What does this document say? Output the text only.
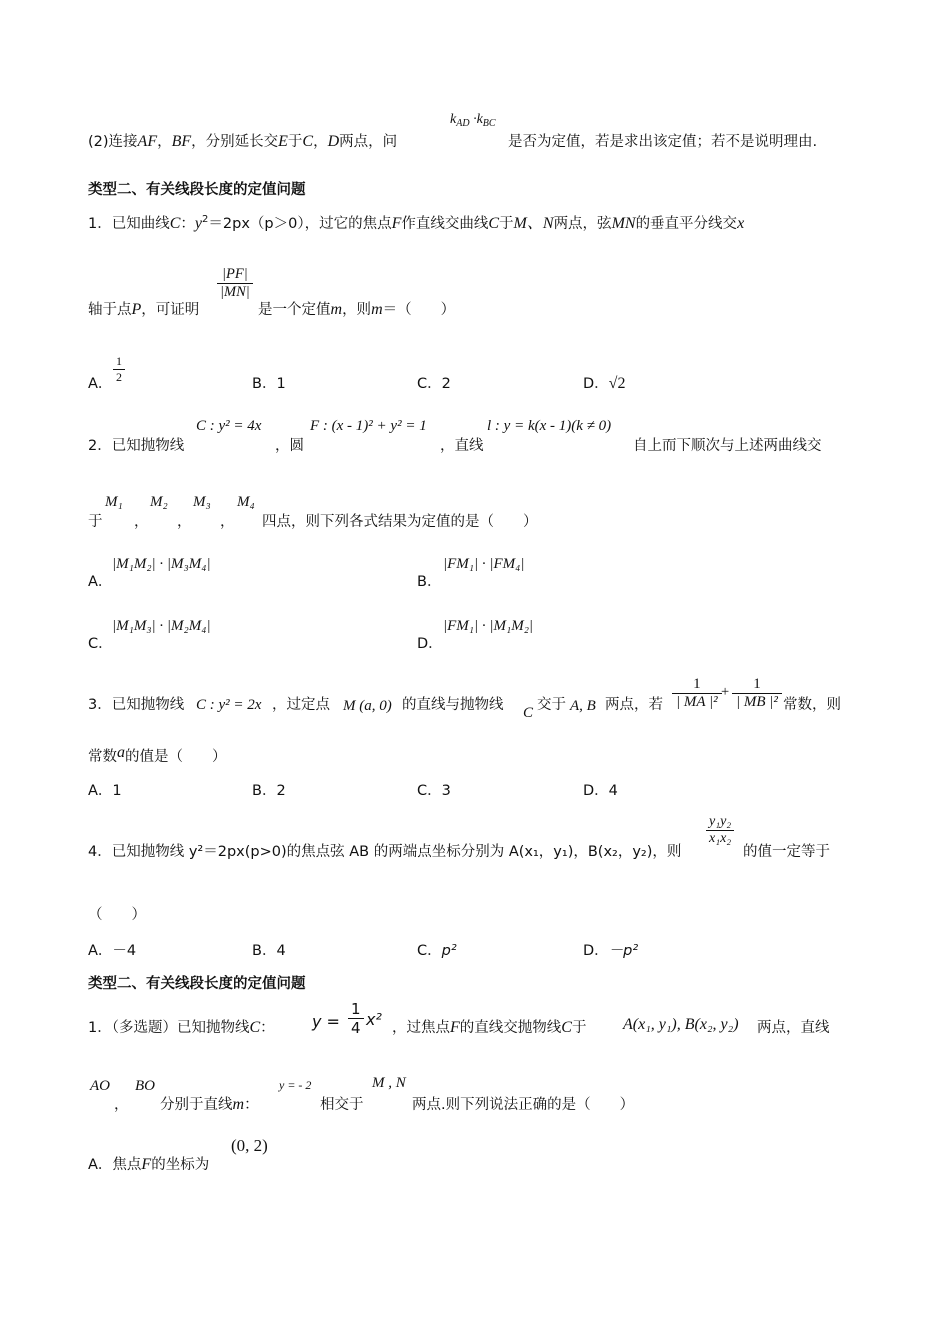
(2)连接AF，BF，分别延长交E于C，D两点，问
$k_{AD} \cdot k_{BC}$
是否为定值，若是求出该定值；若不是说明理由.
类型二、有关线段长度的定值问题
1．已知曲线C：$y^2=2px(p>0)$，过它的焦点F作直线交曲线C于M、N两点，弦MN的垂直平分线交x
轴于点P，可证明
$\frac{|PF|}{|MN|}$
是一个定值m，则m＝（　　）
A． $\frac{1}{2}$	B．1	C．2	D．√2
2．已知抛物线
C : y² = 4x
，圆
F : (x - 1)² + y² = 1
，直线
l : y = k(x - 1)(k ≠ 0)
自上而下顺次与上述两曲线交
于
M₁
，
M₂
，
M₃
，
M₄
四点，则下列各式结果为定值的是（　　）
A．
|M₁M₂| · |M₃M₄|
B．
|FM₁| · |FM₄|
C．
|M₁M₃| · |M₂M₄|
D．
|FM₁| · |M₁M₂|
3．已知抛物线 C : y² = 2x ，过定点 M (a, 0) 的直线与抛物线 C 交于 A, B 两点，若 $\frac{1}{\text{| MA |²}} + \frac{1}{\text{| MB |²}}$ 常数，则
常数a的值是（　　）
A．1	B．2	C．3	D．4
4．已知抛物线 y²＝2px(p>0)的焦点弦 AB 的两端点坐标分别为 A(x₁，y₁)，B(x₂，y₂)，则
$\frac{\text{y₁y₂}}{\text{x₁x₂}}$
的值一定等于
（　　）
A．－4	B．4	C．p²	D．－p²
类型二、有关线段长度的定值问题
1．（多选题）已知抛物线C： $y = \frac{1}{4} x^2$ ，过焦点F的直线交抛物线C于 A(x₁, y₁), B(x₂, y₂) 两点，直线
AO
，
BO
分别于直线m：
y = - 2
相交于
M , N
两点.则下列说法正确的是（　　）
A．焦点F的坐标为
(0, 2)
